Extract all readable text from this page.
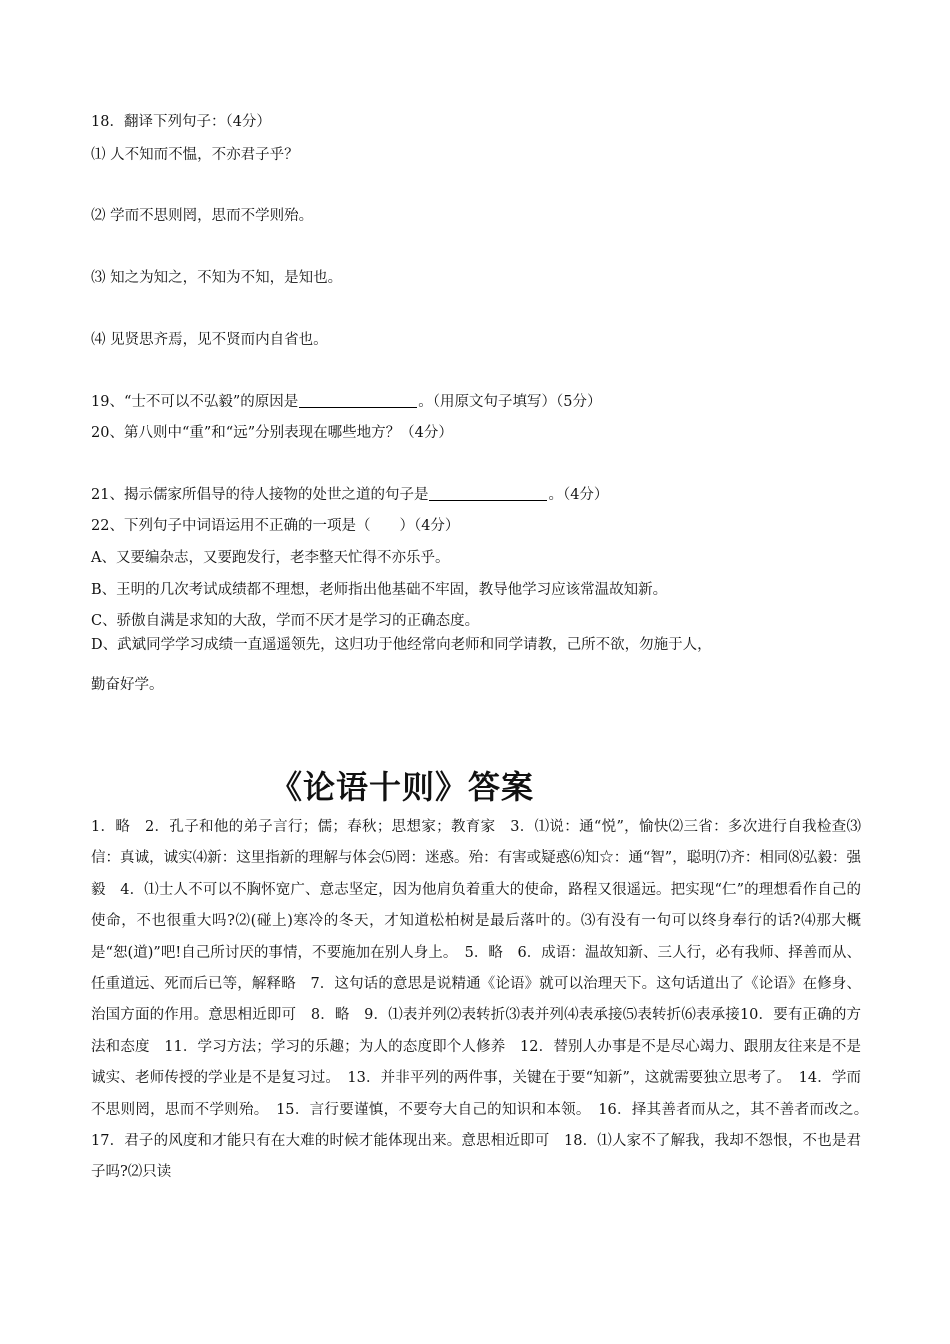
18．翻译下列句子：（4分）
⑴ 人不知而不愠，不亦君子乎？
⑵ 学而不思则罔，思而不学则殆。
⑶ 知之为知之，不知为不知，是知也。
⑷ 见贤思齐焉，见不贤而内自省也。
19、“士不可以不弘毅”的原因是	。（用原文句子填写）（5分）
20、第八则中“重”和“远”分别表现在哪些地方？（4分）
21、揭示儒家所倡导的待人接物的处世之道的句子是	。（4分）
22、下列句子中词语运用不正确的一项是（　　）（4分）
A、又要编杂志，又要跑发行，老李整天忙得不亦乐乎。
B、王明的几次考试成绩都不理想，老师指出他基础不牢固，教导他学习应该常温故知新。
C、骄傲自满是求知的大敌，学而不厌才是学习的正确态度。
D、武斌同学学习成绩一直遥遥领先，这归功于他经常向老师和同学请教，己所不欲，勿施于人，
勤奋好学。
《论语十则》答案
1．略　2．孔子和他的弟子言行；儒；春秋；思想家；教育家　3．⑴说：通“悦”，愉快⑵三省：多次进行自我检查⑶信：真诚，诚实⑷新：这里指新的理解与体会⑸罔：迷惑。殆：有害或疑惑⑹知☆：通“智”，聪明⑺齐：相同⑻弘毅：强毅　4．⑴士人不可以不胸怀宽广、意志坚定，因为他肩负着重大的使命，路程又很遥远。把实现“仁”的理想看作自己的使命，不也很重大吗?⑵(碰上)寒冷的冬天，才知道松柏树是最后落叶的。⑶有没有一句可以终身奉行的话?⑷那大概是“恕(道)”吧!自己所讨厌的事情，不要施加在别人身上。　5．略　6．成语：温故知新、三人行，必有我师、择善而从、任重道远、死而后已等，解释略　7．这句话的意思是说精通《论语》就可以治理天下。这句话道出了《论语》在修身、治国方面的作用。意思相近即可　8．略　9．⑴表并列⑵表转折⑶表并列⑷表承接⑸表转折⑹表承接10．要有正确的方法和态度　11．学习方法；学习的乐趣；为人的态度即个人修养　12．替别人办事是不是尽心竭力、跟朋友往来是不是诚实、老师传授的学业是不是复习过。　13．并非平列的两件事，关键在于要“知新”，这就需要独立思考了。　14．学而不思则罔，思而不学则殆。　15．言行要谨慎，不要夸大自己的知识和本领。　16．择其善者而从之，其不善者而改之。　17．君子的风度和才能只有在大难的时候才能体现出来。意思相近即可　18．⑴人家不了解我，我却不怨恨，不也是君子吗?⑵只读
